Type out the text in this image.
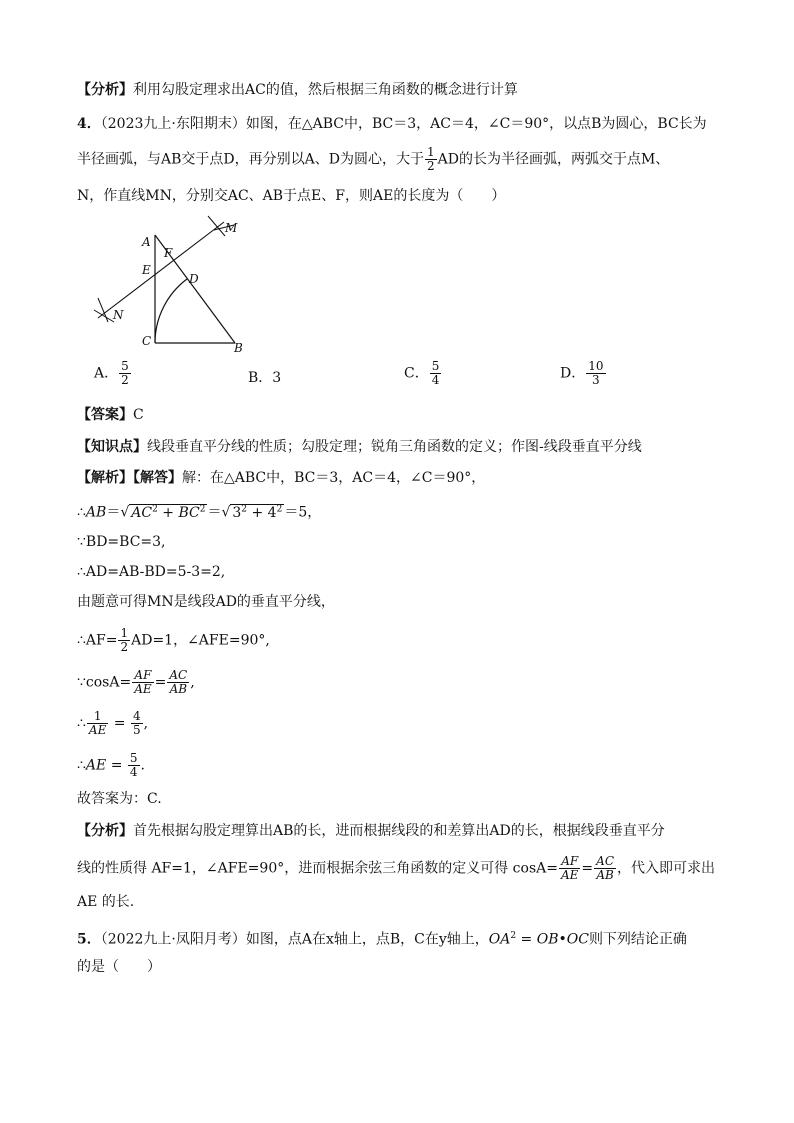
【分析】利用勾股定理求出AC的值，然后根据三角函数的概念进行计算
4．（2023九上·东阳期末）如图，在△ABC中，BC＝3，AC＝4，∠C＝90°，以点B为圆心，BC长为
半径画弧，与AB交于点D，再分别以A、D为圆心，大于 $\frac{1}{2}$ AD的长为半径画弧，两弧交于点M、
N，作直线MN，分别交AC、AB于点E、F，则AE的长度为（　　）
A
F
E
D
M
N
C	B
A． $\frac{5}{2}$	B．3	C． $\frac{5}{4}$	D． $\frac{10}{3}$
【答案】C
【知识点】线段垂直平分线的性质；勾股定理；锐角三角函数的定义；作图-线段垂直平分线
【解析】【解答】解：在△ABC中，BC＝3，AC＝4，∠C＝90°，
∴AB＝√ $AC^2 + BC^2$ ＝√ $3^2 + 4^2 =5$，
∵BD=BC=3,
∴AD=AB-BD=5-3=2,
由题意可得MN是线段AD的垂直平分线，
∴AF= $\frac{1}{2} AD=1$，∠AFE=90°,
∵cosA= $\frac{AF}{AE} = \frac{AC}{AB}$ ,
∴ $\frac{1}{AE} = \frac{4}{5}$ ,
∴AE = $\frac{5}{4}$ .
故答案为：C.
【分析】首先根据勾股定理算出AB的长，进而根据线段的和差算出AD的长，根据线段垂直平分
线的性质得 AF=1，∠AFE=90°，进而根据余弦三角函数的定义可得 $\cos A= \frac{AF}{AE} = \frac{AC}{AB}$ ，代入即可求出
AE 的长.
5．（2022九上·凤阳月考）如图，点A在x轴上，点B，C在y轴上，$OA^2$ = OB•OC则下列结论正确
的是（　　）
